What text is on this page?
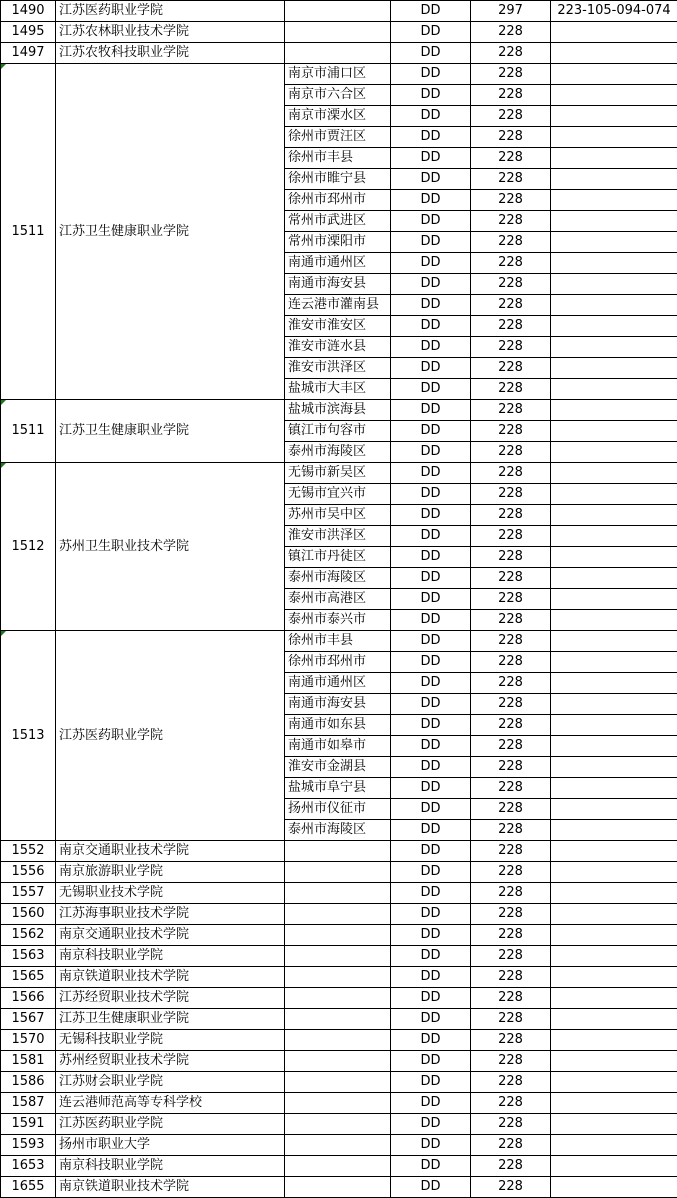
1490	江苏医药职业学院		DD	297	223-105-094-074
1495	江苏农林职业技术学院		DD	228	
1497	江苏农牧科技职业学院		DD	228	
1511	江苏卫生健康职业学院	南京市浦口区	DD	228	
		南京市六合区	DD	228	
		南京市溧水区	DD	228	
		徐州市贾汪区	DD	228	
		徐州市丰县	DD	228	
		徐州市睢宁县	DD	228	
		徐州市邳州市	DD	228	
		常州市武进区	DD	228	
		常州市溧阳市	DD	228	
		南通市通州区	DD	228	
		南通市海安县	DD	228	
		连云港市灌南县	DD	228	
		淮安市淮安区	DD	228	
		淮安市涟水县	DD	228	
		淮安市洪泽区	DD	228	
		盐城市大丰区	DD	228	
1511	江苏卫生健康职业学院	盐城市滨海县	DD	228	
		镇江市句容市	DD	228	
		泰州市海陵区	DD	228	
1512	苏州卫生职业技术学院	无锡市新吴区	DD	228	
		无锡市宜兴市	DD	228	
		苏州市吴中区	DD	228	
		淮安市洪泽区	DD	228	
		镇江市丹徒区	DD	228	
		泰州市海陵区	DD	228	
		泰州市高港区	DD	228	
		泰州市泰兴市	DD	228	
1513	江苏医药职业学院	徐州市丰县	DD	228	
		徐州市邳州市	DD	228	
		南通市通州区	DD	228	
		南通市海安县	DD	228	
		南通市如东县	DD	228	
		南通市如皋市	DD	228	
		淮安市金湖县	DD	228	
		盐城市阜宁县	DD	228	
		扬州市仪征市	DD	228	
		泰州市海陵区	DD	228	
1552	南京交通职业技术学院		DD	228	
1556	南京旅游职业学院		DD	228	
1557	无锡职业技术学院		DD	228	
1560	江苏海事职业技术学院		DD	228	
1562	南京交通职业技术学院		DD	228	
1563	南京科技职业学院		DD	228	
1565	南京铁道职业技术学院		DD	228	
1566	江苏经贸职业技术学院		DD	228	
1567	江苏卫生健康职业学院		DD	228	
1570	无锡科技职业学院		DD	228	
1581	苏州经贸职业技术学院		DD	228	
1586	江苏财会职业学院		DD	228	
1587	连云港师范高等专科学校		DD	228	
1591	江苏医药职业学院		DD	228	
1593	扬州市职业大学		DD	228	
1653	南京科技职业学院		DD	228	
1655	南京铁道职业技术学院		DD	228	
